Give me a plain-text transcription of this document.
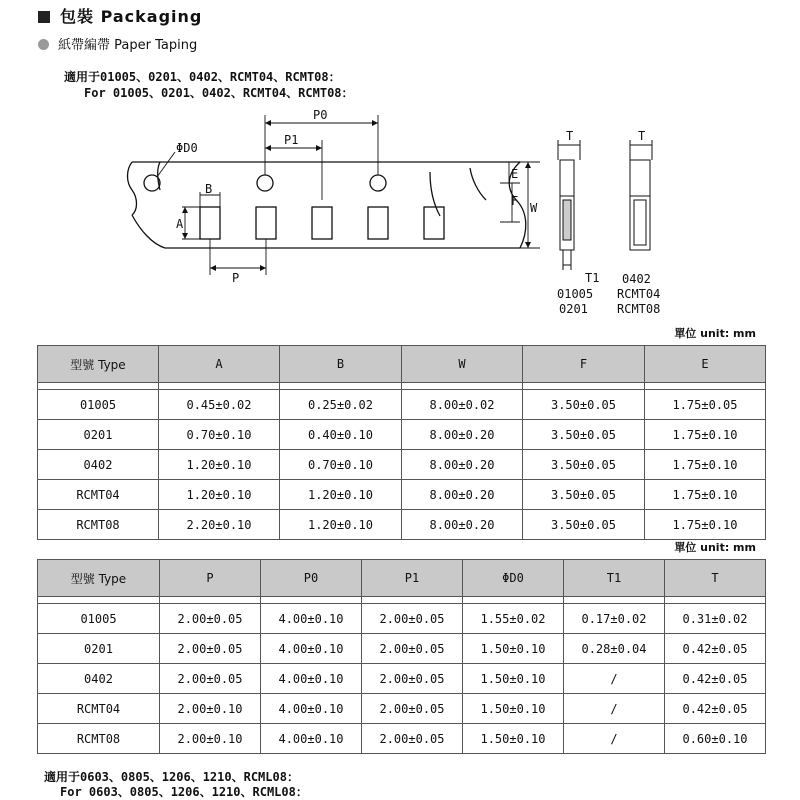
包裝 Packaging
紙帶編帶 Paper Taping
適用于01005、0201、0402、RCMT04、RCMT08：
For 01005、0201、0402、RCMT04、RCMT08：
P0
P1
ΦD0
B
A
P
E
F W
T
T1
01005
0201
T
0402
RCMT04
RCMT08
單位 unit: mm
型號 Type	A	B	W	F	E

01005	0.45±0.02	0.25±0.02	8.00±0.02	3.50±0.05	1.75±0.05
0201	0.70±0.10	0.40±0.10	8.00±0.20	3.50±0.05	1.75±0.10
0402	1.20±0.10	0.70±0.10	8.00±0.20	3.50±0.05	1.75±0.10
RCMT04	1.20±0.10	1.20±0.10	8.00±0.20	3.50±0.05	1.75±0.10
RCMT08	2.20±0.10	1.20±0.10	8.00±0.20	3.50±0.05	1.75±0.10
單位 unit: mm
型號 Type	P	P0	P1	ΦD0	T1	T

01005	2.00±0.05	4.00±0.10	2.00±0.05	1.55±0.02	0.17±0.02	0.31±0.02
0201	2.00±0.05	4.00±0.10	2.00±0.05	1.50±0.10	0.28±0.04	0.42±0.05
0402	2.00±0.05	4.00±0.10	2.00±0.05	1.50±0.10	/	0.42±0.05
RCMT04	2.00±0.10	4.00±0.10	2.00±0.05	1.50±0.10	/	0.42±0.05
RCMT08	2.00±0.10	4.00±0.10	2.00±0.05	1.50±0.10	/	0.60±0.10
適用于0603、0805、1206、1210、RCML08：
For 0603、0805、1206、1210、RCML08：
